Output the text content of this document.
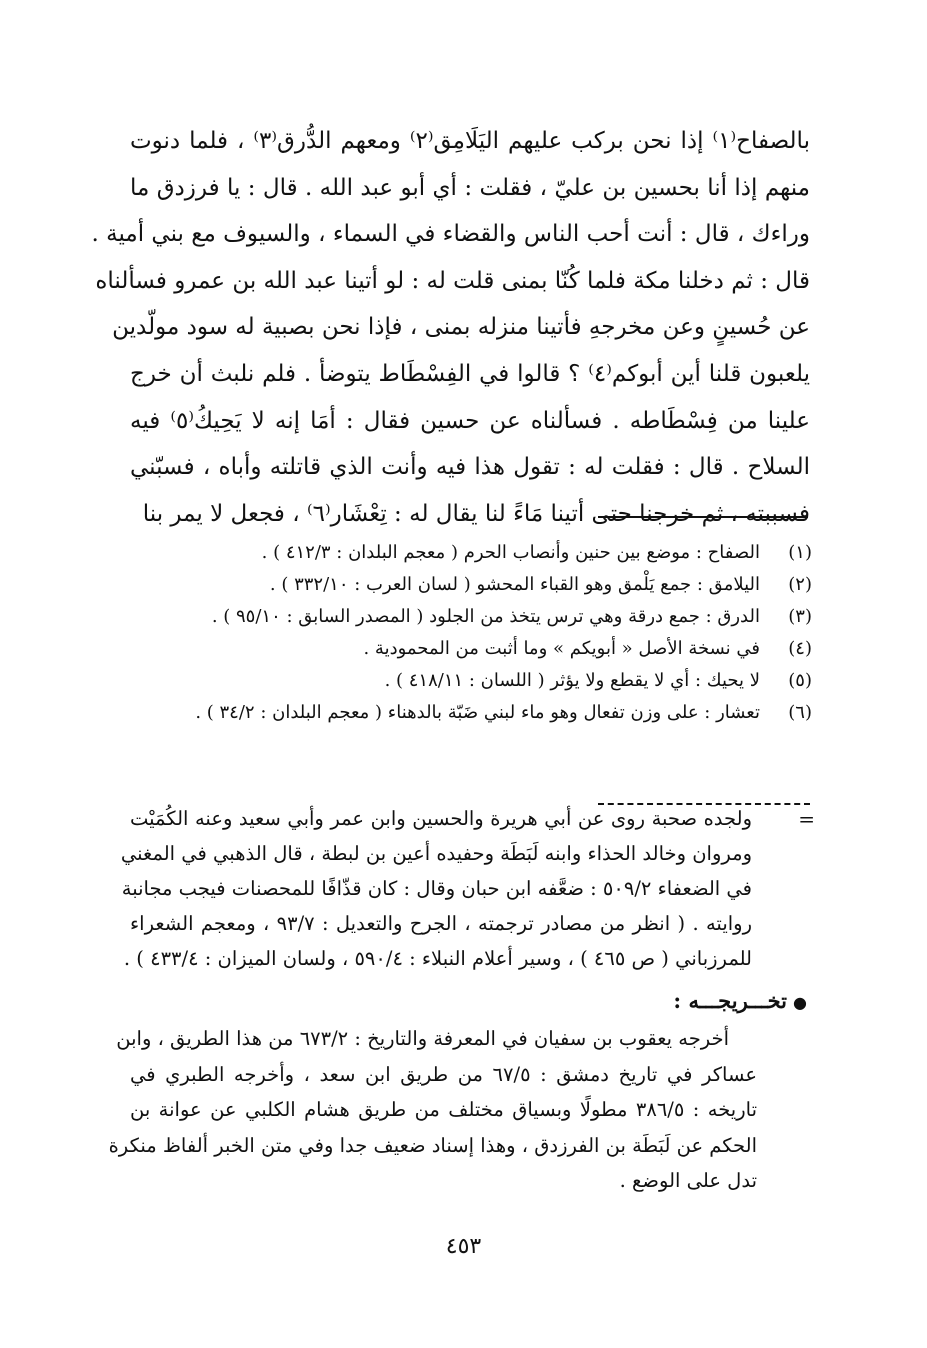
بالصفاح⁽١⁾ إذا نحن بركب عليهم اليَلَامِق⁽٢⁾ ومعهم الدُّرق⁽٣⁾ ، فلما دنوت
منهم إذا أنا بحسين بن عليّ ، فقلت : أي أبو عبد الله . قال : يا فرزدق ما
وراءك ، قال : أنت أحب الناس والقضاء في السماء ، والسيوف مع بني أمية .
قال : ثم دخلنا مكة فلما كُنّا بمنى قلت له : لو أتينا عبد الله بن عمرو فسألناه
عن حُسينٍ وعن مخرجهِ فأتينا منزله بمنى ، فإذا نحن بصبية له سود مولّدين
يلعبون قلنا أين أبوكم⁽٤⁾ ؟ قالوا في الفِسْطَاط يتوضأ . فلم نلبث أن خرج
علينا من فِسْطَاطه . فسألناه عن حسين فقال : أمَا إنه لا يَحِيكُ⁽٥⁾ فيه
السلاح . قال : فقلت له : تقول هذا فيه وأنت الذي قاتلته وأباه ، فسبّني
فسببته ، ثم خرجنا حتى أتينا مَاءً لنا يقال له : تِعْشَار⁽٦⁾ ، فجعل لا يمر بنا
(١)
الصفاح : موضع بين حنين وأنصاب الحرم ( معجم البلدان : ٤١٢/٣ ) .
(٢)
اليلامق : جمع يَلْمق وهو القباء المحشو ( لسان العرب : ٣٣٢/١٠ ) .
(٣)
الدرق : جمع درقة وهي ترس يتخذ من الجلود ( المصدر السابق : ٩٥/١٠ ) .
(٤)
في نسخة الأصل « أبويكم » وما أثبت من المحمودية .
(٥)
لا يحيك : أي لا يقطع ولا يؤثر ( اللسان : ٤١٨/١١ ) .
(٦)
تعشار : على وزن تفعال وهو ماء لبني ضَبّة بالدهناء ( معجم البلدان : ٣٤/٢ ) .
=
ولجده صحبة روى عن أبي هريرة والحسين وابن عمر وأبي سعيد وعنه الكُمَيْت
ومروان وخالد الحذاء وابنه لَبَطَة وحفيده أعين بن لبطة ، قال الذهبي في المغني
في الضعفاء ٥٠٩/٢ : ضعَّفه ابن حبان وقال : كان قذّافًا للمحصنات فيجب مجانبة
روايته . ( انظر من مصادر ترجمته ، الجرح والتعديل : ٩٣/٧ ، ومعجم الشعراء
للمرزباني ( ص ٤٦٥ ) ، وسير أعلام النبلاء : ٥٩٠/٤ ، ولسان الميزان : ٤٣٣/٤ ) .
●تخـــريجـــه :
أخرجه يعقوب بن سفيان في المعرفة والتاريخ : ٦٧٣/٢ من هذا الطريق ، وابن
عساكر في تاريخ دمشق : ٦٧/٥ من طريق ابن سعد ، وأخرجه الطبري في
تاريخه : ٣٨٦/٥ مطولًا وبسياق مختلف من طريق هشام الكلبي عن عوانة بن
الحكم عن لَبَطَة بن الفرزدق ، وهذا إسناد ضعيف جدا وفي متن الخبر ألفاظ منكرة
تدل على الوضع .
٤٥٣
